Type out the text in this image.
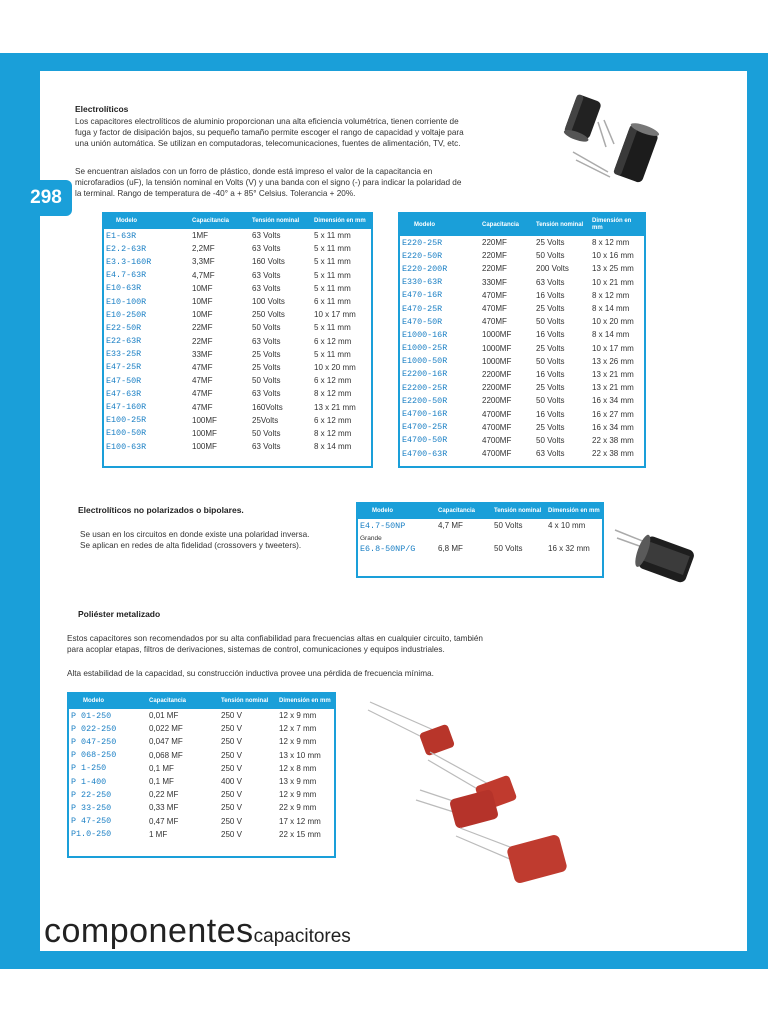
298
Electrolíticos
Los capacitores electrolíticos de aluminio proporcionan una alta eficiencia volumétrica, tienen corriente de
fuga y factor de disipación bajos, su pequeño tamaño permite escoger el rango de capacidad y voltaje para
una unión automática. Se utilizan en computadoras, telecomunicaciones, fuentes de alimentación, TV, etc.
Se encuentran aislados con un forro de plástico, donde está impreso el valor de la capacitancia en
microfaradios (uF), la tensión nominal en Volts (V) y una banda con el signo (-) para indicar la polaridad de
la terminal. Rango de temperatura de -40° a + 85° Celsius. Tolerancia + 20%.
Modelo	Capacitancia	Tensión nominal	Dimensión en mm
E1-63R	1MF	63 Volts	5 x 11 mm
E2.2-63R	2,2MF	63 Volts	5 x 11 mm
E3.3-160R	3,3MF	160 Volts	5 x 11 mm
E4.7-63R	4,7MF	63 Volts	5 x 11 mm
E10-63R	10MF	63 Volts	5 x 11 mm
E10-100R	10MF	100 Volts	6 x 11 mm
E10-250R	10MF	250 Volts	10 x 17 mm
E22-50R	22MF	50 Volts	5 x 11 mm
E22-63R	22MF	63 Volts	6 x 12 mm
E33-25R	33MF	25 Volts	5 x 11 mm
E47-25R	47MF	25 Volts	10 x 20 mm
E47-50R	47MF	50 Volts	6 x 12 mm
E47-63R	47MF	63 Volts	8 x 12 mm
E47-160R	47MF	160Volts	13 x 21 mm
E100-25R	100MF	25Volts	6 x 12 mm
E100-50R	100MF	50 Volts	8 x 12 mm
E100-63R	100MF	63 Volts	8 x 14 mm
Modelo	Capacitancia	Tensión nominal	Dimensión en mm
E220-25R	220MF	25 Volts	8 x 12 mm
E220-50R	220MF	50 Volts	10 x 16 mm
E220-200R	220MF	200 Volts	13 x 25 mm
E330-63R	330MF	63 Volts	10 x 21 mm
E470-16R	470MF	16 Volts	8 x 12 mm
E470-25R	470MF	25 Volts	8 x 14 mm
E470-50R	470MF	50 Volts	10 x 20 mm
E1000-16R	1000MF	16 Volts	8 x 14 mm
E1000-25R	1000MF	25 Volts	10 x 17 mm
E1000-50R	1000MF	50 Volts	13 x 26 mm
E2200-16R	2200MF	16 Volts	13 x 21 mm
E2200-25R	2200MF	25 Volts	13 x 21 mm
E2200-50R	2200MF	50 Volts	16 x 34 mm
E4700-16R	4700MF	16 Volts	16 x 27 mm
E4700-25R	4700MF	25 Volts	16 x 34 mm
E4700-50R	4700MF	50 Volts	22 x 38 mm
E4700-63R	4700MF	63 Volts	22 x 38 mm
Electrolíticos no polarizados o bipolares.
Se usan en los circuitos en donde existe una polaridad inversa.
Se aplican en redes de alta fidelidad (crossovers y tweeters).
Modelo	Capacitancia	Tensión nominal	Dimensión en mm
E4.7-50NP	4,7 MF	50 Volts	4 x 10 mm
Grande			
E6.8-50NP/G	6,8 MF	50 Volts	16 x 32 mm
Poliéster metalizado
Estos capacitores son recomendados por su alta confiabilidad para frecuencias altas en cualquier circuito, también
para acoplar etapas, filtros de derivaciones, sistemas de control, comunicaciones y equipos industriales.
Alta estabilidad de la capacidad, su construcción inductiva provee una pérdida de frecuencia mínima.
Modelo	Capacitancia	Tensión nominal	Dimensión en mm
P 01-250	0,01 MF	250 V	12 x 9 mm
P 022-250	0,022 MF	250 V	12 x 7 mm
P 047-250	0,047 MF	250 V	12 x 9 mm
P 068-250	0,068 MF	250 V	13 x 10 mm
P 1-250	0,1 MF	250 V	12 x 8 mm
P 1-400	0,1 MF	400 V	13 x 9 mm
P 22-250	0,22 MF	250 V	12 x 9 mm
P 33-250	0,33 MF	250 V	22 x 9 mm
P 47-250	0,47 MF	250 V	17 x 12 mm
P1.0-250	1 MF	250 V	22 x 15 mm
componentescapacitores
